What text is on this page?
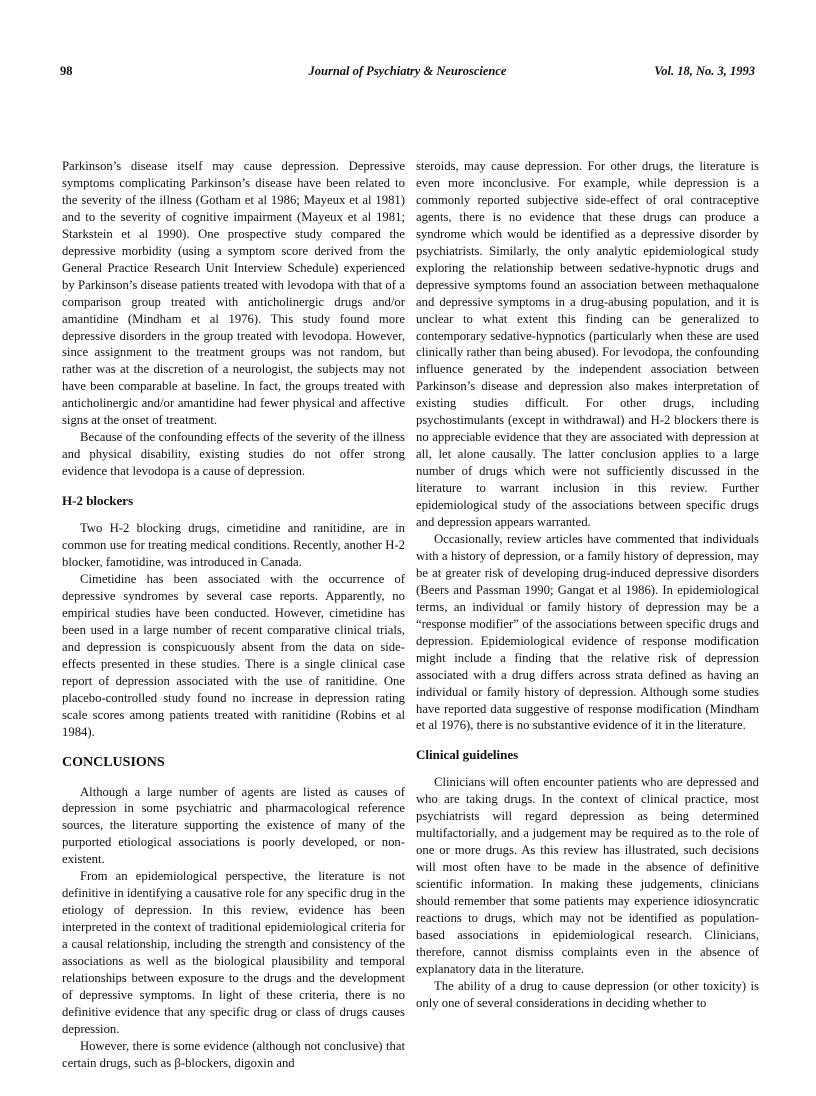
98	Journal of Psychiatry & Neuroscience	Vol. 18, No. 3, 1993

Parkinson’s disease itself may cause depression. Depressive symptoms complicating Parkinson’s disease have been related to the severity of the illness (Gotham et al 1986; Mayeux et al 1981) and to the severity of cognitive impairment (Mayeux et al 1981; Starkstein et al 1990). One prospective study compared the depressive morbidity (using a symptom score derived from the General Practice Research Unit Interview Schedule) experienced by Parkinson’s disease patients treated with levodopa with that of a comparison group treated with anticholinergic drugs and/or amantidine (Mindham et al 1976). This study found more depressive disorders in the group treated with levodopa. However, since assignment to the treatment groups was not random, but rather was at the discretion of a neurologist, the subjects may not have been comparable at baseline. In fact, the groups treated with anticholinergic and/or amantidine had fewer physical and affective signs at the onset of treatment.

Because of the confounding effects of the severity of the illness and physical disability, existing studies do not offer strong evidence that levodopa is a cause of depression.

H-2 blockers

Two H-2 blocking drugs, cimetidine and ranitidine, are in common use for treating medical conditions. Recently, another H-2 blocker, famotidine, was introduced in Canada.

Cimetidine has been associated with the occurrence of depressive syndromes by several case reports. Apparently, no empirical studies have been conducted. However, cimetidine has been used in a large number of recent comparative clinical trials, and depression is conspicuously absent from the data on side-effects presented in these studies. There is a single clinical case report of depression associated with the use of ranitidine. One placebo-controlled study found no increase in depression rating scale scores among patients treated with ranitidine (Robins et al 1984).

CONCLUSIONS

Although a large number of agents are listed as causes of depression in some psychiatric and pharmacological reference sources, the literature supporting the existence of many of the purported etiological associations is poorly developed, or non-existent.

From an epidemiological perspective, the literature is not definitive in identifying a causative role for any specific drug in the etiology of depression. In this review, evidence has been interpreted in the context of traditional epidemiological criteria for a causal relationship, including the strength and consistency of the associations as well as the biological plausibility and temporal relationships between exposure to the drugs and the development of depressive symptoms. In light of these criteria, there is no definitive evidence that any specific drug or class of drugs causes depression.

However, there is some evidence (although not conclusive) that certain drugs, such as β-blockers, digoxin and

steroids, may cause depression. For other drugs, the literature is even more inconclusive. For example, while depression is a commonly reported subjective side-effect of oral contraceptive agents, there is no evidence that these drugs can produce a syndrome which would be identified as a depressive disorder by psychiatrists. Similarly, the only analytic epidemiological study exploring the relationship between sedative-hypnotic drugs and depressive symptoms found an association between methaqualone and depressive symptoms in a drug-abusing population, and it is unclear to what extent this finding can be generalized to contemporary sedative-hypnotics (particularly when these are used clinically rather than being abused). For levodopa, the confounding influence generated by the independent association between Parkinson’s disease and depression also makes interpretation of existing studies difficult. For other drugs, including psychostimulants (except in withdrawal) and H-2 blockers there is no appreciable evidence that they are associated with depression at all, let alone causally. The latter conclusion applies to a large number of drugs which were not sufficiently discussed in the literature to warrant inclusion in this review. Further epidemiological study of the associations between specific drugs and depression appears warranted.

Occasionally, review articles have commented that individuals with a history of depression, or a family history of depression, may be at greater risk of developing drug-induced depressive disorders (Beers and Passman 1990; Gangat et al 1986). In epidemiological terms, an individual or family history of depression may be a “response modifier” of the associations between specific drugs and depression. Epidemiological evidence of response modification might include a finding that the relative risk of depression associated with a drug differs across strata defined as having an individual or family history of depression. Although some studies have reported data suggestive of response modification (Mindham et al 1976), there is no substantive evidence of it in the literature.

Clinical guidelines

Clinicians will often encounter patients who are depressed and who are taking drugs. In the context of clinical practice, most psychiatrists will regard depression as being determined multifactorially, and a judgement may be required as to the role of one or more drugs. As this review has illustrated, such decisions will most often have to be made in the absence of definitive scientific information. In making these judgements, clinicians should remember that some patients may experience idiosyncratic reactions to drugs, which may not be identified as population-based associations in epidemiological research. Clinicians, therefore, cannot dismiss complaints even in the absence of explanatory data in the literature.

The ability of a drug to cause depression (or other toxicity) is only one of several considerations in deciding whether to
